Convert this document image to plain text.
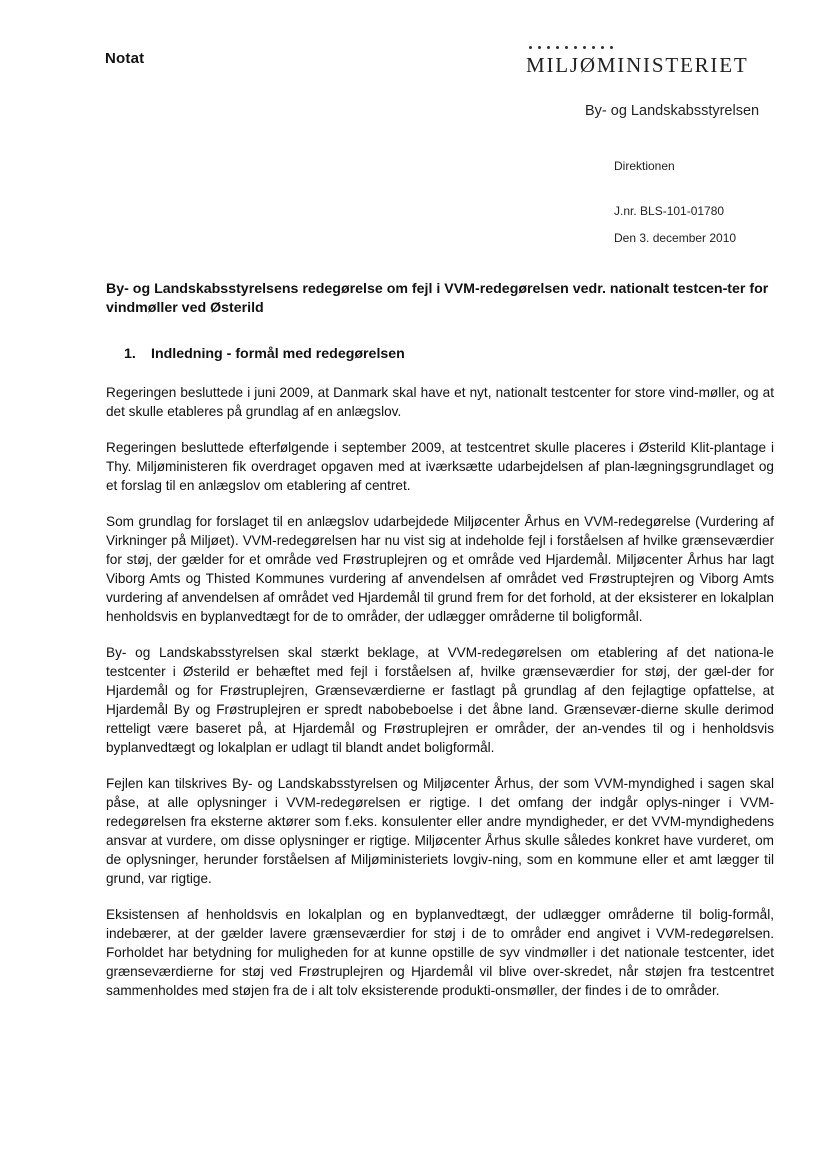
Notat	MILJØMINISTERIET
By- og Landskabsstyrelsen
Direktionen
J.nr. BLS-101-01780
Den 3. december 2010
By- og Landskabsstyrelsens redegørelse om fejl i VVM-redegørelsen vedr. nationalt testcen-ter for vindmøller ved Østerild
1. Indledning - formål med redegørelsen

Regeringen besluttede i juni 2009, at Danmark skal have et nyt, nationalt testcenter for store vind-møller, og at det skulle etableres på grundlag af en anlægslov.

Regeringen besluttede efterfølgende i september 2009, at testcentret skulle placeres i Østerild Klit-plantage i Thy. Miljøministeren fik overdraget opgaven med at iværksætte udarbejdelsen af plan-lægningsgrundlaget og et forslag til en anlægslov om etablering af centret.

Som grundlag for forslaget til en anlægslov udarbejdede Miljøcenter Århus en VVM-redegørelse (Vurdering af Virkninger på Miljøet). VVM-redegørelsen har nu vist sig at indeholde fejl i forståelsen af hvilke grænseværdier for støj, der gælder for et område ved Frøstruplejren og et område ved Hjardemål. Miljøcenter Århus har lagt Viborg Amts og Thisted Kommunes vurdering af anvendelsen af området ved Frøstruptejren og Viborg Amts vurdering af anvendelsen af området ved Hjardemål til grund frem for det forhold, at der eksisterer en lokalplan henholdsvis en byplanvedtægt for de to områder, der udlægger områderne til boligformål.

By- og Landskabsstyrelsen skal stærkt beklage, at VVM-redegørelsen om etablering af det nationa-le testcenter i Østerild er behæftet med fejl i forståelsen af, hvilke grænseværdier for støj, der gæl-der for Hjardemål og for Frøstruplejren, Grænseværdierne er fastlagt på grundlag af den fejlagtige opfattelse, at Hjardemål By og Frøstruplejren er spredt nabobeboelse i det åbne land. Grænsevær-dierne skulle derimod retteligt være baseret på, at Hjardemål og Frøstruplejren er områder, der an-vendes til og i henholdsvis byplanvedtægt og lokalplan er udlagt til blandt andet boligformål.

Fejlen kan tilskrives By- og Landskabsstyrelsen og Miljøcenter Århus, der som VVM-myndighed i sagen skal påse, at alle oplysninger i VVM-redegørelsen er rigtige. I det omfang der indgår oplys-ninger i VVM-redegørelsen fra eksterne aktører som f.eks. konsulenter eller andre myndigheder, er det VVM-myndighedens ansvar at vurdere, om disse oplysninger er rigtige. Miljøcenter Århus skulle således konkret have vurderet, om de oplysninger, herunder forståelsen af Miljøministeriets lovgiv-ning, som en kommune eller et amt lægger til grund, var rigtige.

Eksistensen af henholdsvis en lokalplan og en byplanvedtægt, der udlægger områderne til bolig-formål, indebærer, at der gælder lavere grænseværdier for støj i de to områder end angivet i VVM-redegørelsen. Forholdet har betydning for muligheden for at kunne opstille de syv vindmøller i det nationale testcenter, idet grænseværdierne for støj ved Frøstruplejren og Hjardemål vil blive over-skredet, når støjen fra testcentret sammenholdes med støjen fra de i alt tolv eksisterende produkti-onsmøller, der findes i de to områder.
